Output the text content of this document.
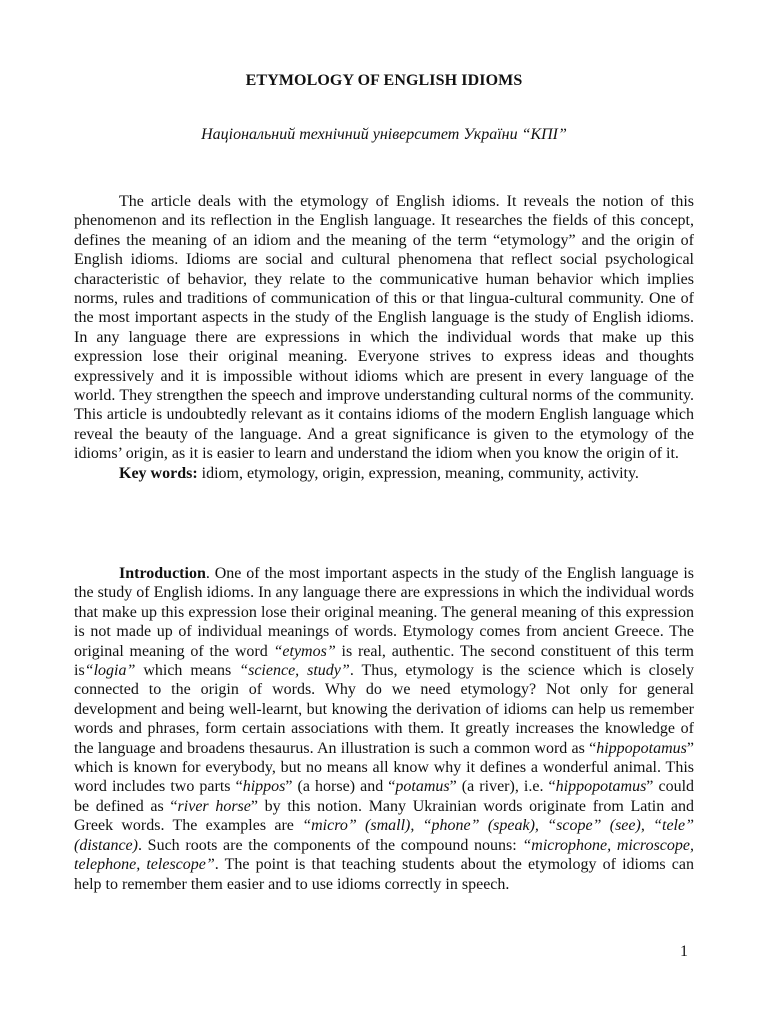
ETYMOLOGY OF ENGLISH IDIOMS
Національний технічний університет України “КПІ”

The article deals with the etymology of English idioms. It reveals the notion of this phenomenon and its reflection in the English language. It researches the fields of this concept, defines the meaning of an idiom and the meaning of the term “etymology” and the origin of English idioms. Idioms are social and cultural phenomena that reflect social psychological characteristic of behavior, they relate to the communicative human behavior which implies norms, rules and traditions of communication of this or that lingua-cultural community. One of the most important aspects in the study of the English language is the study of English idioms. In any language there are expressions in which the individual words that make up this expression lose their original meaning. Everyone strives to express ideas and thoughts expressively and it is impossible without idioms which are present in every language of the world. They strengthen the speech and improve understanding cultural norms of the community. This article is undoubtedly relevant as it contains idioms of the modern English language which reveal the beauty of the language. And a great significance is given to the etymology of the idioms’ origin, as it is easier to learn and understand the idiom when you know the origin of it.

Key words: idiom, etymology, origin, expression, meaning, community, activity.

Introduction. One of the most important aspects in the study of the English language is the study of English idioms. In any language there are expressions in which the individual words that make up this expression lose their original meaning. The general meaning of this expression is not made up of individual meanings of words. Etymology comes from ancient Greece. The original meaning of the word “etymos” is real, authentic. The second constituent of this term is“logia” which means “science, study”. Thus, etymology is the science which is closely connected to the origin of words. Why do we need etymology? Not only for general development and being well-learnt, but knowing the derivation of idioms can help us remember words and phrases, form certain associations with them. It greatly increases the knowledge of the language and broadens thesaurus. An illustration is such a common word as “hippopotamus” which is known for everybody, but no means all know why it defines a wonderful animal. This word includes two parts “hippos” (a horse) and “potamus” (a river), i.e. “hippopotamus” could be defined as “river horse” by this notion. Many Ukrainian words originate from Latin and Greek words. The examples are “micro” (small), “phone” (speak), “scope” (see), “tele” (distance). Such roots are the components of the compound nouns: “microphone, microscope, telephone, telescope”. The point is that teaching students about the etymology of idioms can help to remember them easier and to use idioms correctly in speech.

1
